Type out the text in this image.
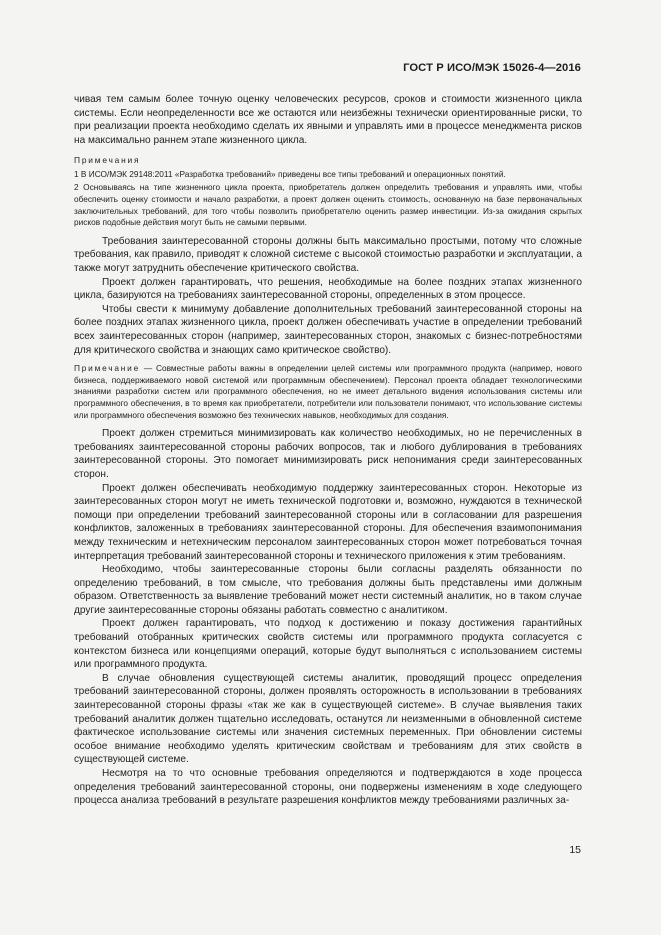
ГОСТ Р ИСО/МЭК 15026-4—2016

чивая тем самым более точную оценку человеческих ресурсов, сроков и стоимости жизненного цикла системы. Если неопределенности все же остаются или неизбежны технически ориентированные риски, то при реализации проекта необходимо сделать их явными и управлять ими в процессе менеджмента рисков на максимально раннем этапе жизненного цикла.

Примечания

1 В ИСО/МЭК 29148:2011 «Разработка требований» приведены все типы требований и операционных понятий.

2 Основываясь на типе жизненного цикла проекта, приобретатель должен определить требования и управлять ими, чтобы обеспечить оценку стоимости и начало разработки, а проект должен оценить стоимость, основанную на базе первоначальных заключительных требований, для того чтобы позволить приобретателю оценить размер инвестиции. Из-за ожидания скрытых рисков подобные действия могут быть не самыми первыми.

Требования заинтересованной стороны должны быть максимально простыми, потому что сложные требования, как правило, приводят к сложной системе с высокой стоимостью разработки и эксплуатации, а также могут затруднить обеспечение критического свойства.

Проект должен гарантировать, что решения, необходимые на более поздних этапах жизненного цикла, базируются на требованиях заинтересованной стороны, определенных в этом процессе.

Чтобы свести к минимуму добавление дополнительных требований заинтересованной стороны на более поздних этапах жизненного цикла, проект должен обеспечивать участие в определении требований всех заинтересованных сторон (например, заинтересованных сторон, знакомых с бизнес-потребностями для критического свойства и знающих само критическое свойство).

Примечание — Совместные работы важны в определении целей системы или программного продукта (например, нового бизнеса, поддерживаемого новой системой или программным обеспечением). Персонал проекта обладает технологическими знаниями разработки систем или программного обеспечения, но не имеет детального видения использования системы или программного обеспечения, в то время как приобретатели, потребители или пользователи понимают, что использование системы или программного обеспечения возможно без технических навыков, необходимых для создания.

Проект должен стремиться минимизировать как количество необходимых, но не перечисленных в требованиях заинтересованной стороны рабочих вопросов, так и любого дублирования в требованиях заинтересованной стороны. Это помогает минимизировать риск непонимания среди заинтересованных сторон.

Проект должен обеспечивать необходимую поддержку заинтересованных сторон. Некоторые из заинтересованных сторон могут не иметь технической подготовки и, возможно, нуждаются в технической помощи при определении требований заинтересованной стороны или в согласовании для разрешения конфликтов, заложенных в требованиях заинтересованной стороны. Для обеспечения взаимопонимания между техническим и нетехническим персоналом заинтересованных сторон может потребоваться точная интерпретация требований заинтересованной стороны и технического приложения к этим требованиям.

Необходимо, чтобы заинтересованные стороны были согласны разделять обязанности по определению требований, в том смысле, что требования должны быть представлены ими должным образом. Ответственность за выявление требований может нести системный аналитик, но в таком случае другие заинтересованные стороны обязаны работать совместно с аналитиком.

Проект должен гарантировать, что подход к достижению и показу достижения гарантийных требований отобранных критических свойств системы или программного продукта согласуется с контекстом бизнеса или концепциями операций, которые будут выполняться с использованием системы или программного продукта.

В случае обновления существующей системы аналитик, проводящий процесс определения требований заинтересованной стороны, должен проявлять осторожность в использовании в требованиях заинтересованной стороны фразы «так же как в существующей системе». В случае выявления таких требований аналитик должен тщательно исследовать, останутся ли неизменными в обновленной системе фактическое использование системы или значения системных переменных. При обновлении системы особое внимание необходимо уделять критическим свойствам и требованиям для этих свойств в существующей системе.

Несмотря на то что основные требования определяются и подтверждаются в ходе процесса определения требований заинтересованной стороны, они подвержены изменениям в ходе следующего процесса анализа требований в результате разрешения конфликтов между требованиями различных за-

15
